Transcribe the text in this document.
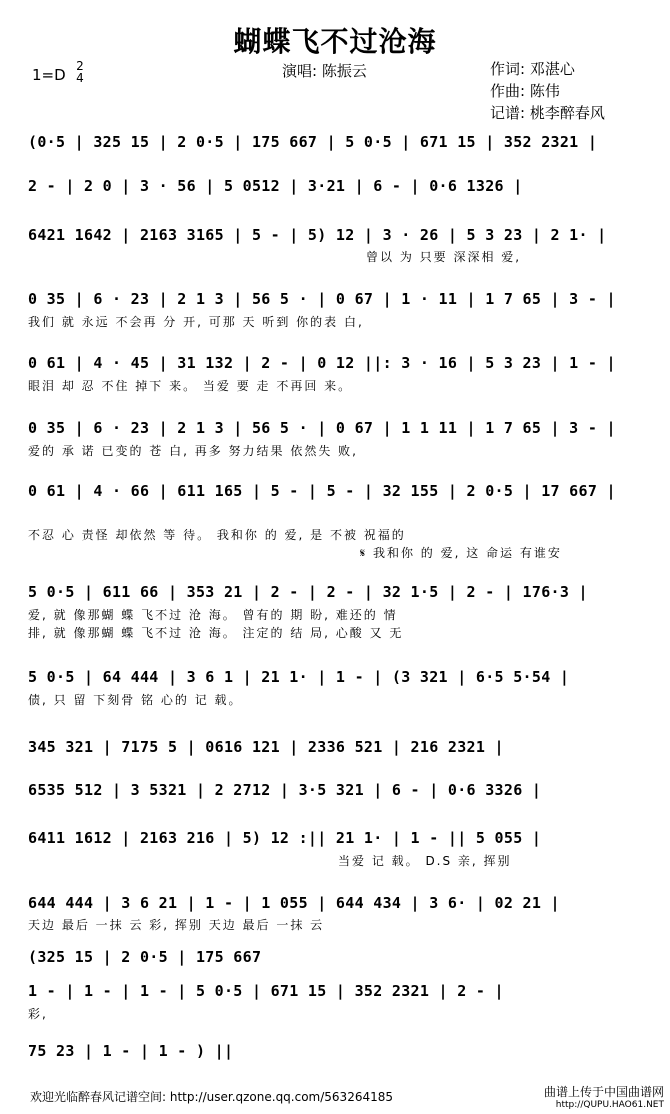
蝴蝶飞不过沧海
1=D 2
4	演唱: 陈振云	作词: 邓湛心
作曲: 陈伟
记谱: 桃李醉春风
(0·5 | 325 15 | 2 0·5 | 175 667 | 5 0·5 | 671 15 | 352 2321 |
2 - | 2 0 | 3 · 56 | 5 0512 | 3·21 | 6 - | 0·6 1326 |
6421 1642 | 2163 3165 | 5 - | 5) 12 | 3 · 26 | 5 3 23 | 2 1· |
曾以 为 只要 深深相 爱,
0 35 | 6 · 23 | 2 1 3 | 56 5 · | 0 67 | 1 · 11 | 1 7 65 | 3 - |
我们 就 永远 不会再 分 开, 可那 天 听到 你的表 白,
0 61 | 4 · 45 | 31 132 | 2 - | 0 12 ||: 3 · 16 | 5 3 23 | 1 - |
眼泪 却 忍 不住 掉下 来。 当爱 要 走 不再回 来。
0 35 | 6 · 23 | 2 1 3 | 56 5 · | 0 67 | 1 1 11 | 1 7 65 | 3 - |
爱的 承 诺 已变的 苍 白, 再多 努力结果 依然失 败,
0 61 | 4 · 66 | 611 165 | 5 - | 5 - | 32 155 | 2 0·5 | 17 667 |
不忍 心 责怪 却依然 等 待。 我和你 的 爱, 是 不被 祝福的
𝄋 我和你 的 爱, 这 命运 有谁安
5 0·5 | 611 66 | 353 21 | 2 - | 2 - | 32 1·5 | 2 - | 176·3 |
爱, 就 像那蝴 蝶 飞不过 沧 海。 曾有的 期 盼, 难还的 情
排, 就 像那蝴 蝶 飞不过 沧 海。 注定的 结 局, 心酸 又 无
5 0·5 | 64 444 | 3 6 1 | 21 1· | 1 - | (3 321 | 6·5 5·54 |
债, 只 留 下刻骨 铭 心的 记 载。
345 321 | 7175 5 | 0616 121 | 2336 521 | 216 2321 |
6535 512 | 3 5321 | 2 2712 | 3·5 321 | 6 - | 0·6 3326 |
6411 1612 | 2163 216 | 5) 12 :|| 21 1· | 1 - || 5 055 |
当爱 记 载。 D.S 亲, 挥别
644 444 | 3 6 21 | 1 - | 1 055 | 644 434 | 3 6· | 02 21 |
天边 最后 一抹 云 彩, 挥别 天边 最后 一抹 云
(325 15 | 2 0·5 | 175 667
1 - | 1 - | 1 - | 5 0·5 | 671 15 | 352 2321 | 2 - |
彩,
75 23 | 1 - | 1 - ) ||
欢迎光临醉春风记谱空间: http://user.qzone.qq.com/563264185	曲谱上传于中国曲谱网
http://QUPU.HAO61.NET
